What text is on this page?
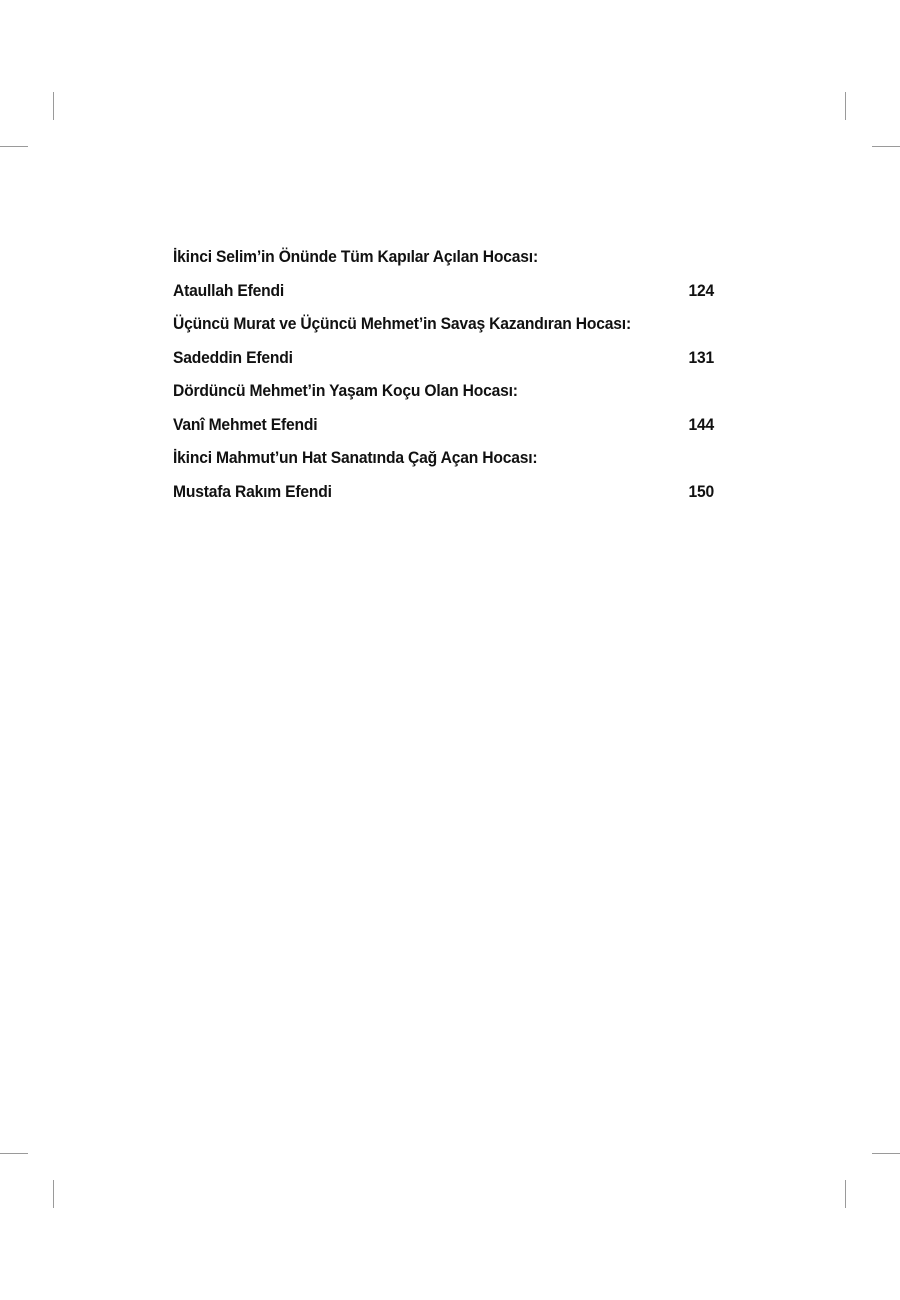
İkinci Selim’in Önünde Tüm Kapılar Açılan Hocası:
Ataullah Efendi	124
Üçüncü Murat ve Üçüncü Mehmet’in Savaş Kazandıran Hocası:
Sadeddin Efendi	131
Dördüncü Mehmet’in Yaşam Koçu Olan Hocası:
Vanî Mehmet Efendi	144
İkinci Mahmut’un Hat Sanatında Çağ Açan Hocası:
Mustafa Rakım Efendi	150
